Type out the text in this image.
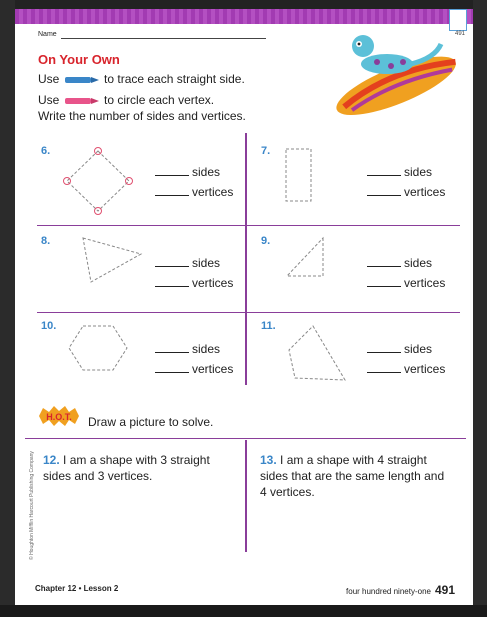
Name	491
On Your Own
Use	to trace each straight side.
Use	to circle each vertex.
Write the number of sides and vertices.
6.
sides
vertices
7.
sides
vertices
8.
sides
vertices
9.
sides
vertices
10.
sides
vertices
11.
sides
vertices
H.O.T. Draw a picture to solve.
12. I am a shape with 3 straight sides and 3 vertices.
13. I am a shape with 4 straight sides that are the same length and 4 vertices.
© Houghton Mifflin Harcourt Publishing Company
Chapter 12 • Lesson 2	four hundred ninety-one 491
